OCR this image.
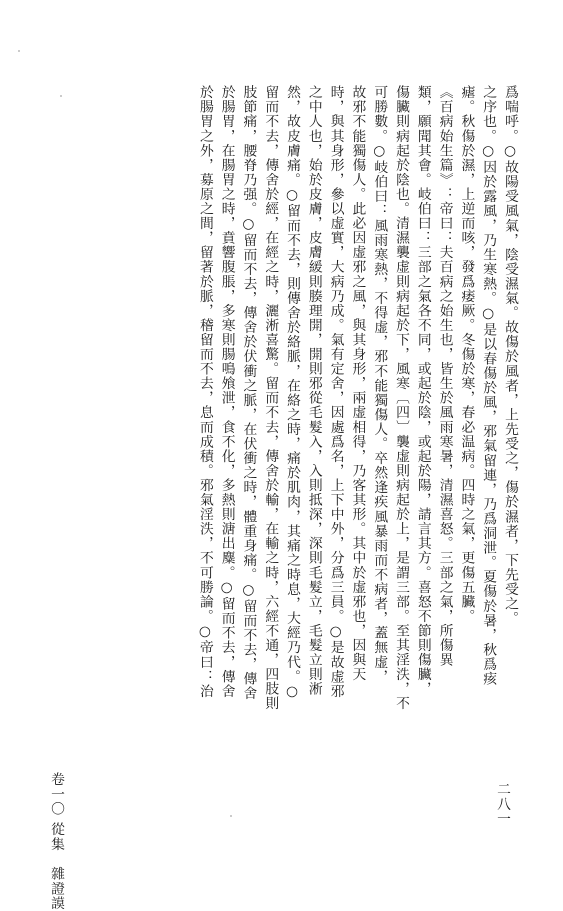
爲喘呼。○故陽受風氣，陰受濕氣。故傷於風者，上先受之，傷於濕者，下先受之。
之序也。○因於露風，乃生寒熱。○是以春傷於風，邪氣留連，乃爲洞泄。夏傷於暑，秋爲痎
瘧。秋傷於濕，上逆而咳，發爲痿厥。冬傷於寒，春必温病。四時之氣，更傷五臟。
《百病始生篇》：帝曰：夫百病之始生也，皆生於風雨寒暑，清濕喜怒。三部之氣，所傷異
類，願聞其會。岐伯曰：三部之氣各不同，或起於陰，或起於陽，請言其方。喜怒不節則傷臟，
傷臟則病起於陰也。清濕襲虚則病起於下，風寒〔四〕襲虚則病起於上，是謂三部。至其淫泆，不
可勝數。○岐伯曰：風雨寒熱，不得虚，邪不能獨傷人。卒然逢疾風暴雨而不病者，蓋無虚，
故邪不能獨傷人。此必因虚邪之風，與其身形，兩虚相得，乃客其形。其中於虚邪也，因與天
時，與其身形，參以虚實，大病乃成。氣有定舍，因處爲名，上下中外，分爲三員。○是故虚邪
之中人也，始於皮膚，皮膚緩則腠理開，開則邪從毛髮入，入則抵深，深則毛髮立，毛髮立則淅
然，故皮膚痛。○留而不去，則傳舍於絡脈，在絡之時，痛於肌肉，其痛之時息，大經乃代。○
留而不去，傳舍於經，在經之時，灑淅喜驚。留而不去，傳舍於輸，在輸之時，六經不通，四肢則
肢節痛，腰脊乃强。○留而不去，傳舍於伏衝之脈，在伏衝之時，體重身痛。○留而不去，傳舍
於腸胃，在腸胃之時，賁響腹脹，多寒則腸鳴飧泄，食不化，多熱則溏出麋。○留而不去，傳舍
於腸胃之外，募原之間，留著於脈，稽留而不去，息而成積。邪氣淫泆，不可勝論。○帝曰：治
卷一〇
從集　雜證謨
二八一
